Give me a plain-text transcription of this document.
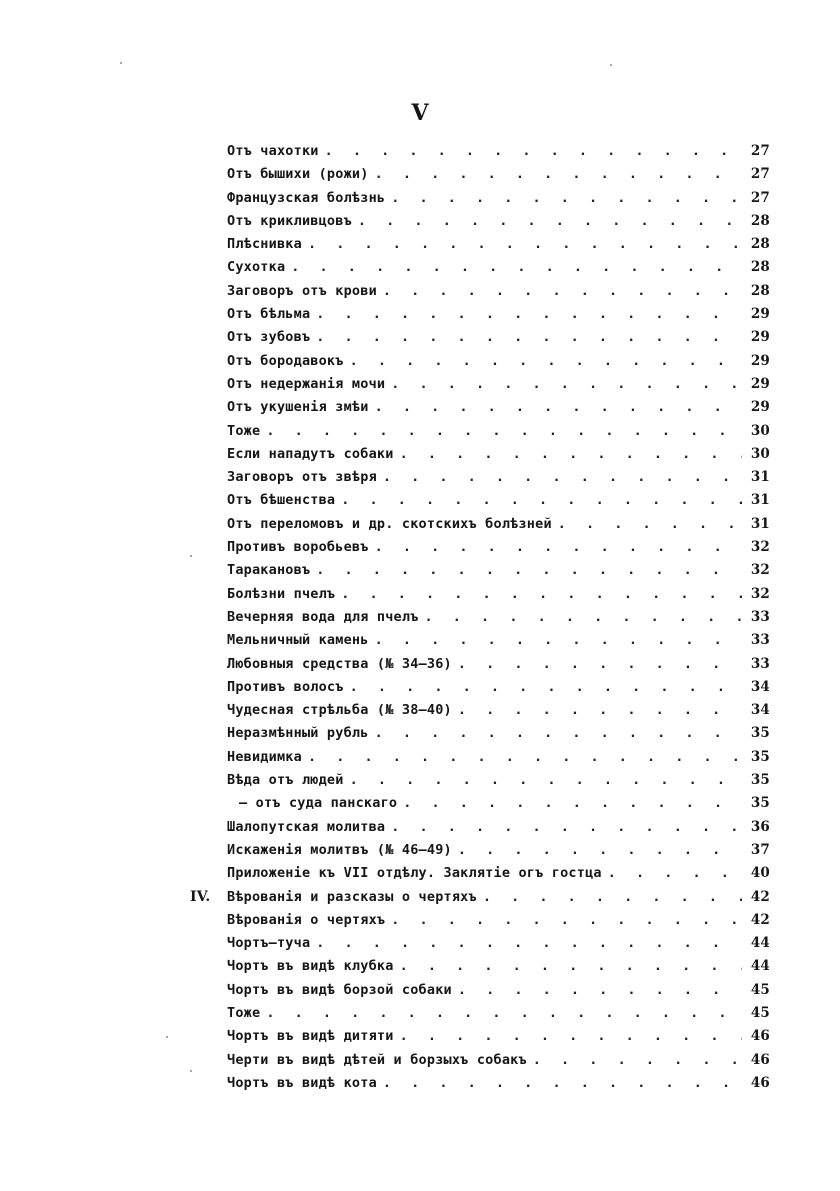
V
Отъ чахотки . . .	27
Отъ бышихи (рожи) . . .	27
Французская болѣзнь . . .	27
Отъ крикливцовъ . . .	28
Плѣснивка . . .	28
Сухотка . . .	28
Заговоръ отъ крови . . .	28
Отъ бѣльма . . .	29
Отъ зубовъ . . .	29
Отъ бородавокъ . . .	29
Отъ недержанія мочи . . .	29
Отъ укушенія змѣи . . .	29
Тоже . . .	30
Если нападутъ собаки . . .	30
Заговоръ отъ звѣря . . .	31
Отъ бѣшенства . . .	31
Отъ переломовъ и др. скотскихъ болѣзней . . .	31
Противъ воробьевъ . . .	32
Таракановъ . . .	32
Болѣзни пчелъ . . .	32
Вечерняя вода для пчелъ . . .	33
Мельничный камень . . .	33
Любовныя средства (№ 34—36) . . .	33
Противъ волосъ . . .	34
Чудесная стрѣльба (№ 38—40) . . .	34
Неразмѣнный рубль . . .	35
Невидимка . . .	35
Вѣда отъ людей . . .	35
— отъ суда панскаго . . .	35
Шалопутская молитва . . .	36
Искаженія молитвъ (№ 46—49) . . .	37
Приложеніе къ VII отдѣлу. Заклятіе огъ гостца . . .	40
IV.	Вѣрованія и разсказы о чертяхъ . . .	42
Вѣрованія о чертяхъ . . .	42
Чортъ—туча . . .	44
Чортъ въ видѣ клубка . . .	44
Чортъ въ видѣ борзой собаки . . .	45
Тоже . . .	45
Чортъ въ видѣ дитяти . . .	46
Черти въ видѣ дѣтей и борзыхъ собакъ . . .	46
Чортъ въ видѣ кота . . .	46
